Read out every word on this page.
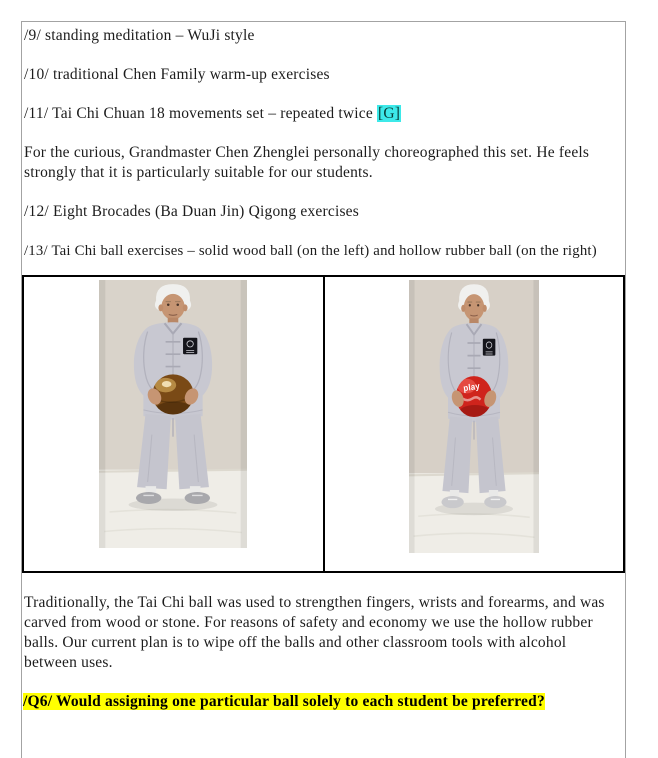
/9/ standing meditation – WuJi style

/10/ traditional Chen Family warm-up exercises

/11/ Tai Chi Chuan 18 movements set – repeated twice [G]

For the curious, Grandmaster Chen Zhenglei personally choreographed this set. He feels strongly that it is particularly suitable for our students.

/12/ Eight Brocades (Ba Duan Jin) Qigong exercises

/13/ Tai Chi ball exercises – solid wood ball (on the left) and hollow rubber ball (on the right)

play

Traditionally, the Tai Chi ball was used to strengthen fingers, wrists and forearms, and was carved from wood or stone. For reasons of safety and economy we use the hollow rubber balls. Our current plan is to wipe off the balls and other classroom tools with alcohol between uses.

/Q6/ Would assigning one particular ball solely to each student be preferred?
